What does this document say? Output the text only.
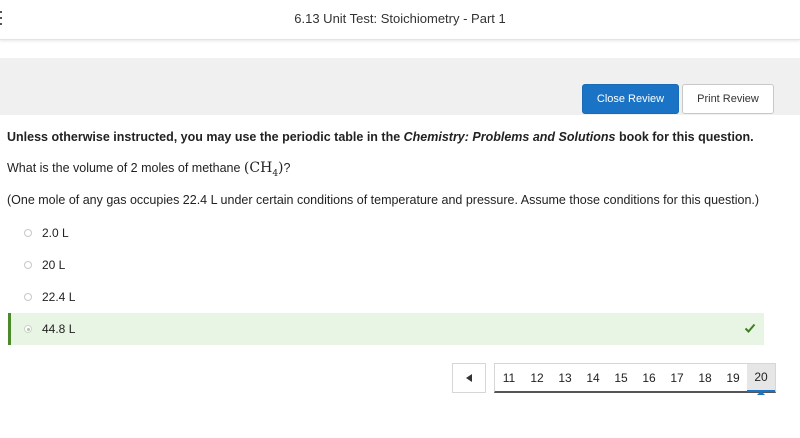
6.13 Unit Test: Stoichiometry - Part 1
Close Review	Print Review
Unless otherwise instructed, you may use the periodic table in the Chemistry: Problems and Solutions book for this question.
What is the volume of 2 moles of methane $(CH_4)$?
(One mole of any gas occupies 22.4 L under certain conditions of temperature and pressure. Assume those conditions for this question.)
2.0 L
20 L
22.4 L
44.8 L
11	12	13	14	15	16	17	18	19	20
